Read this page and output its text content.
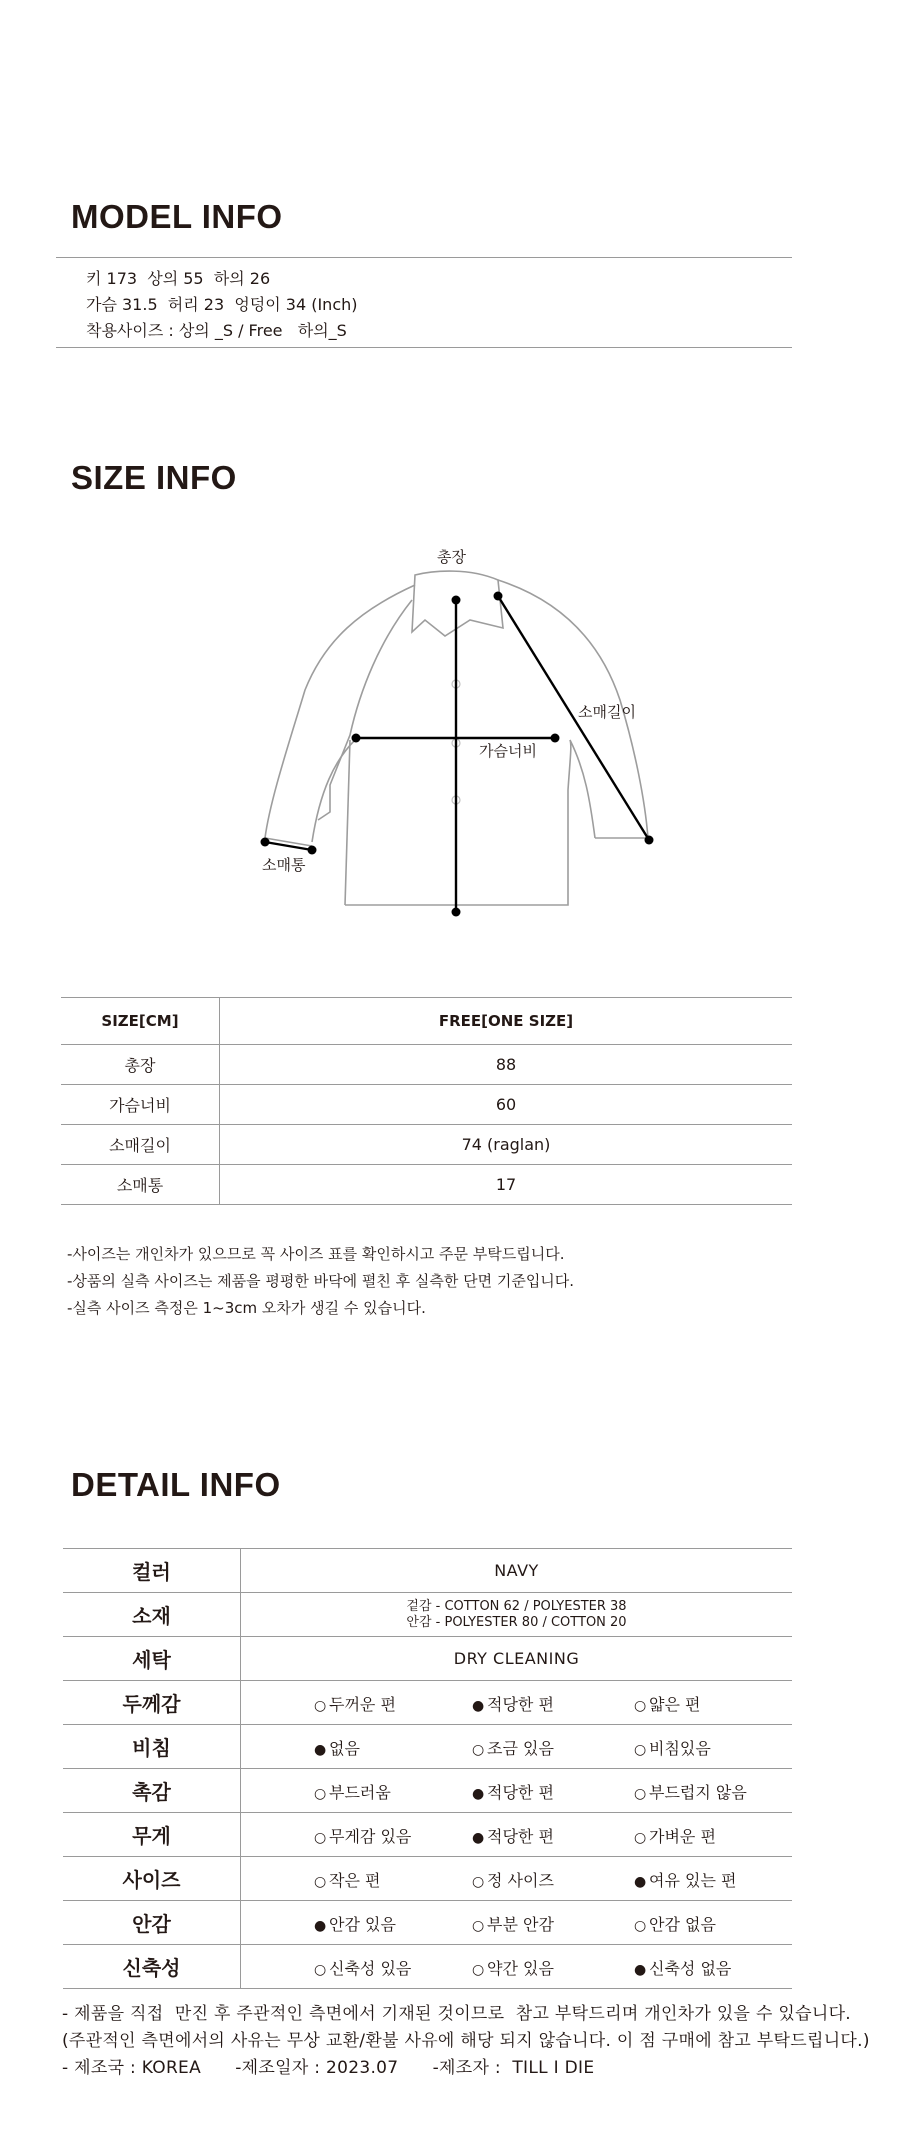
MODEL INFO
키 173  상의 55  하의 26
가슴 31.5  허리 23  엉덩이 34 (Inch)
착용사이즈 : 상의 _S / Free   하의_S
SIZE INFO
총장
소매길이
가슴너비
소매통
SIZE[CM]	FREE[ONE SIZE]
총장	88
가슴너비	60
소매길이	74 (raglan)
소매통	17
-사이즈는 개인차가 있으므로 꼭 사이즈 표를 확인하시고 주문 부탁드립니다.
-상품의 실측 사이즈는 제품을 평평한 바닥에 펼친 후 실측한 단면 기준입니다.
-실측 사이즈 측정은 1~3cm 오차가 생길 수 있습니다.
DETAIL INFO
컬러	NAVY
소재	겉감 - COTTON 62 / POLYESTER 38
안감 - POLYESTER 80 / COTTON 20

세탁	DRY CLEANING
두께감	○ 두꺼운 편 ● 적당한 편 ○ 얇은 편

비침	● 없음 ○ 조금 있음 ○ 비침있음

촉감	○ 부드러움 ● 적당한 편 ○ 부드럽지 않음

무게	○ 무게감 있음 ● 적당한 편 ○ 가벼운 편

사이즈	○ 작은 편 ○ 정 사이즈 ● 여유 있는 편

안감	● 안감 있음 ○ 부분 안감 ○ 안감 없음

신축성	○ 신축성 있음 ○ 약간 있음 ● 신축성 없음
- 제품을 직접  만진 후 주관적인 측면에서 기재된 것이므로  참고 부탁드리며 개인차가 있을 수 있습니다.
(주관적인 측면에서의 사유는 무상 교환/환불 사유에 해당 되지 않습니다. 이 점 구매에 참고 부탁드립니다.)
- 제조국 : KOREA      -제조일자 : 2023.07      -제조자 :  TILL I DIE
